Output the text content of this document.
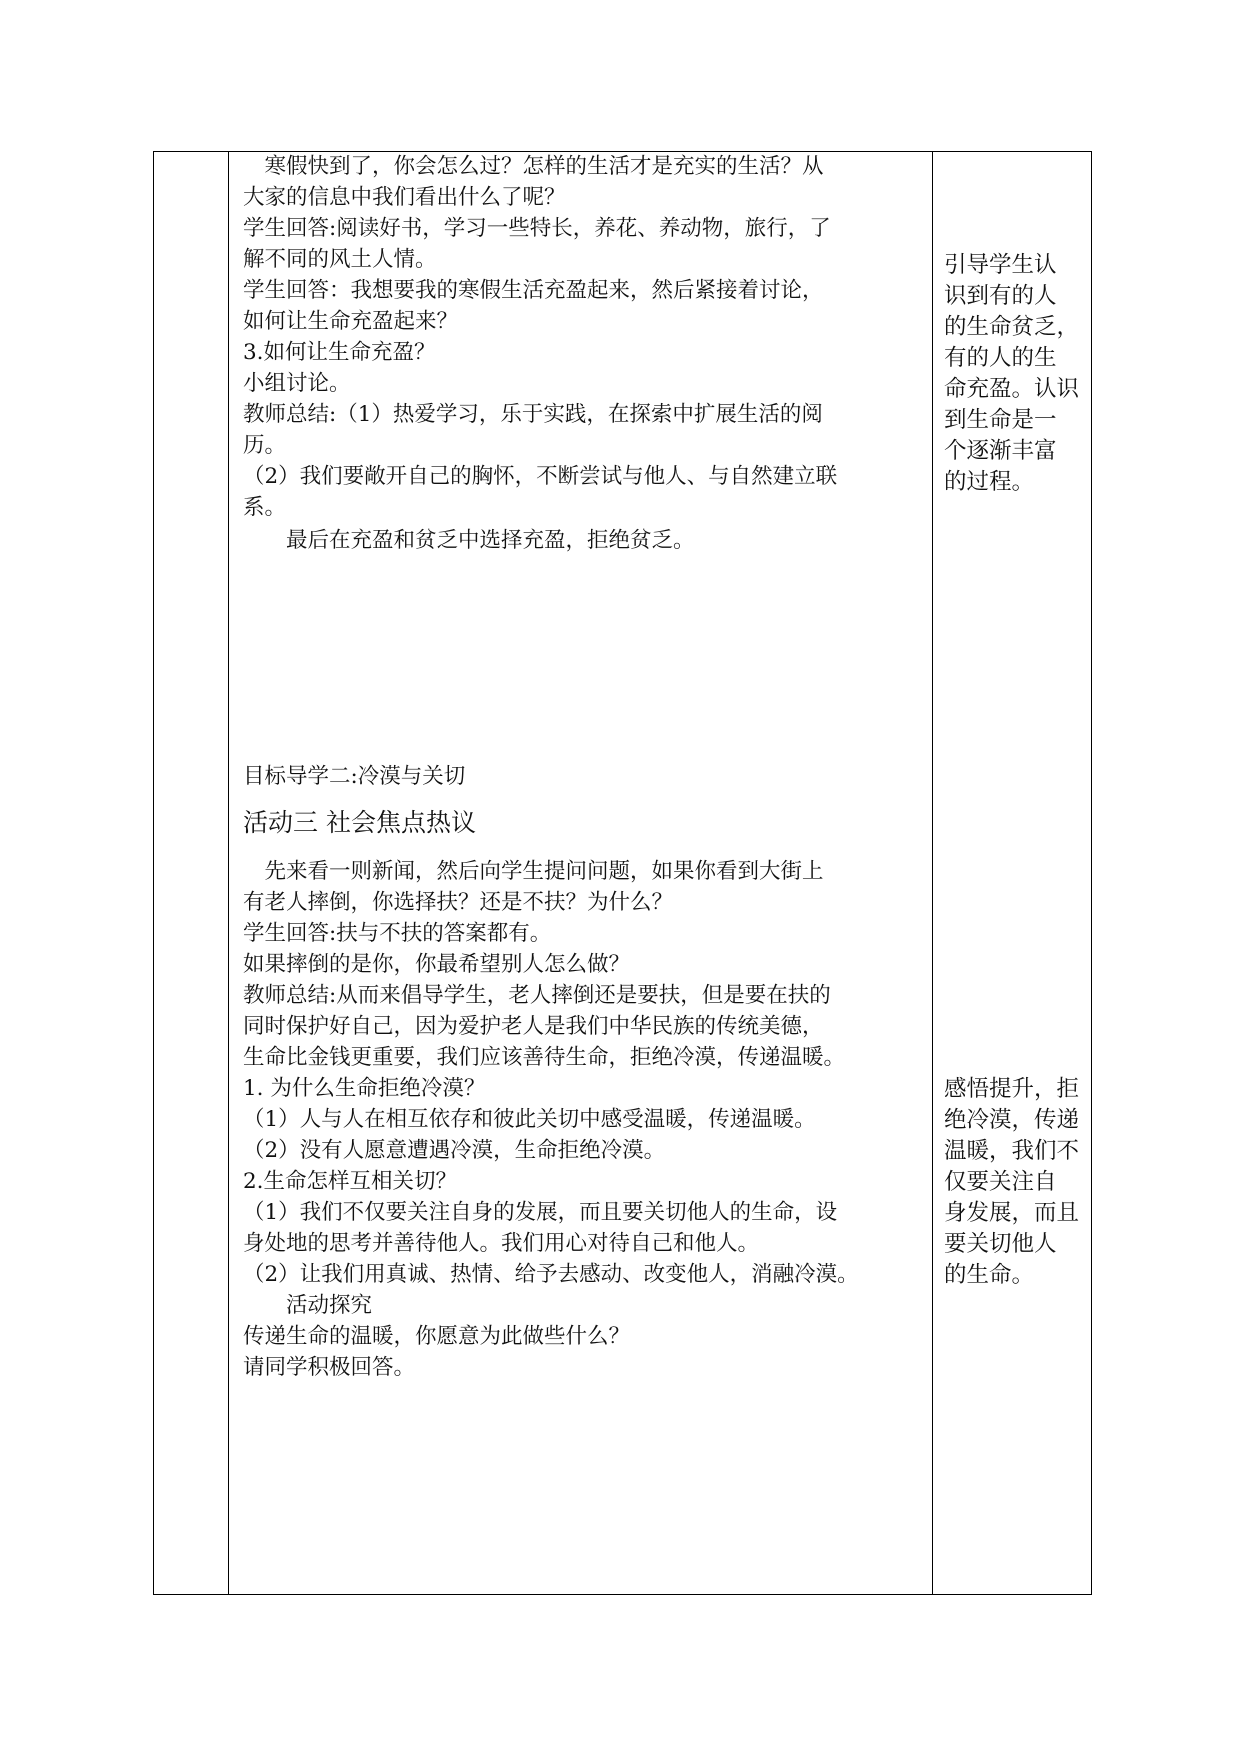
　寒假快到了，你会怎么过？怎样的生活才是充实的生活？从
大家的信息中我们看出什么了呢？
学生回答:阅读好书，学习一些特长，养花、养动物，旅行，了
解不同的风土人情。
学生回答：我想要我的寒假生活充盈起来，然后紧接着讨论，
如何让生命充盈起来？
3.如何让生命充盈？
小组讨论。
教师总结:（1）热爱学习，乐于实践，在探索中扩展生活的阅
历。
（2）我们要敞开自己的胸怀，不断尝试与他人、与自然建立联
系。
　　最后在充盈和贫乏中选择充盈，拒绝贫乏。
目标导学二:冷漠与关切
活动三 社会焦点热议
　先来看一则新闻，然后向学生提问问题，如果你看到大街上
有老人摔倒，你选择扶？还是不扶？为什么？
学生回答:扶与不扶的答案都有。
如果摔倒的是你，你最希望别人怎么做？
教师总结:从而来倡导学生，老人摔倒还是要扶，但是要在扶的
同时保护好自己，因为爱护老人是我们中华民族的传统美德，
生命比金钱更重要，我们应该善待生命，拒绝冷漠，传递温暖。
1. 为什么生命拒绝冷漠？
（1）人与人在相互依存和彼此关切中感受温暖，传递温暖。
（2）没有人愿意遭遇冷漠，生命拒绝冷漠。
2.生命怎样互相关切？
（1）我们不仅要关注自身的发展，而且要关切他人的生命，设
身处地的思考并善待他人。我们用心对待自己和他人。
（2）让我们用真诚、热情、给予去感动、改变他人，消融冷漠。
　　活动探究
传递生命的温暖，你愿意为此做些什么？
请同学积极回答。
引导学生认
识到有的人
的生命贫乏，
有的人的生
命充盈。认识
到生命是一
个逐渐丰富
的过程。
感悟提升，拒
绝冷漠，传递
温暖，我们不
仅要关注自
身发展，而且
要关切他人
的生命。
